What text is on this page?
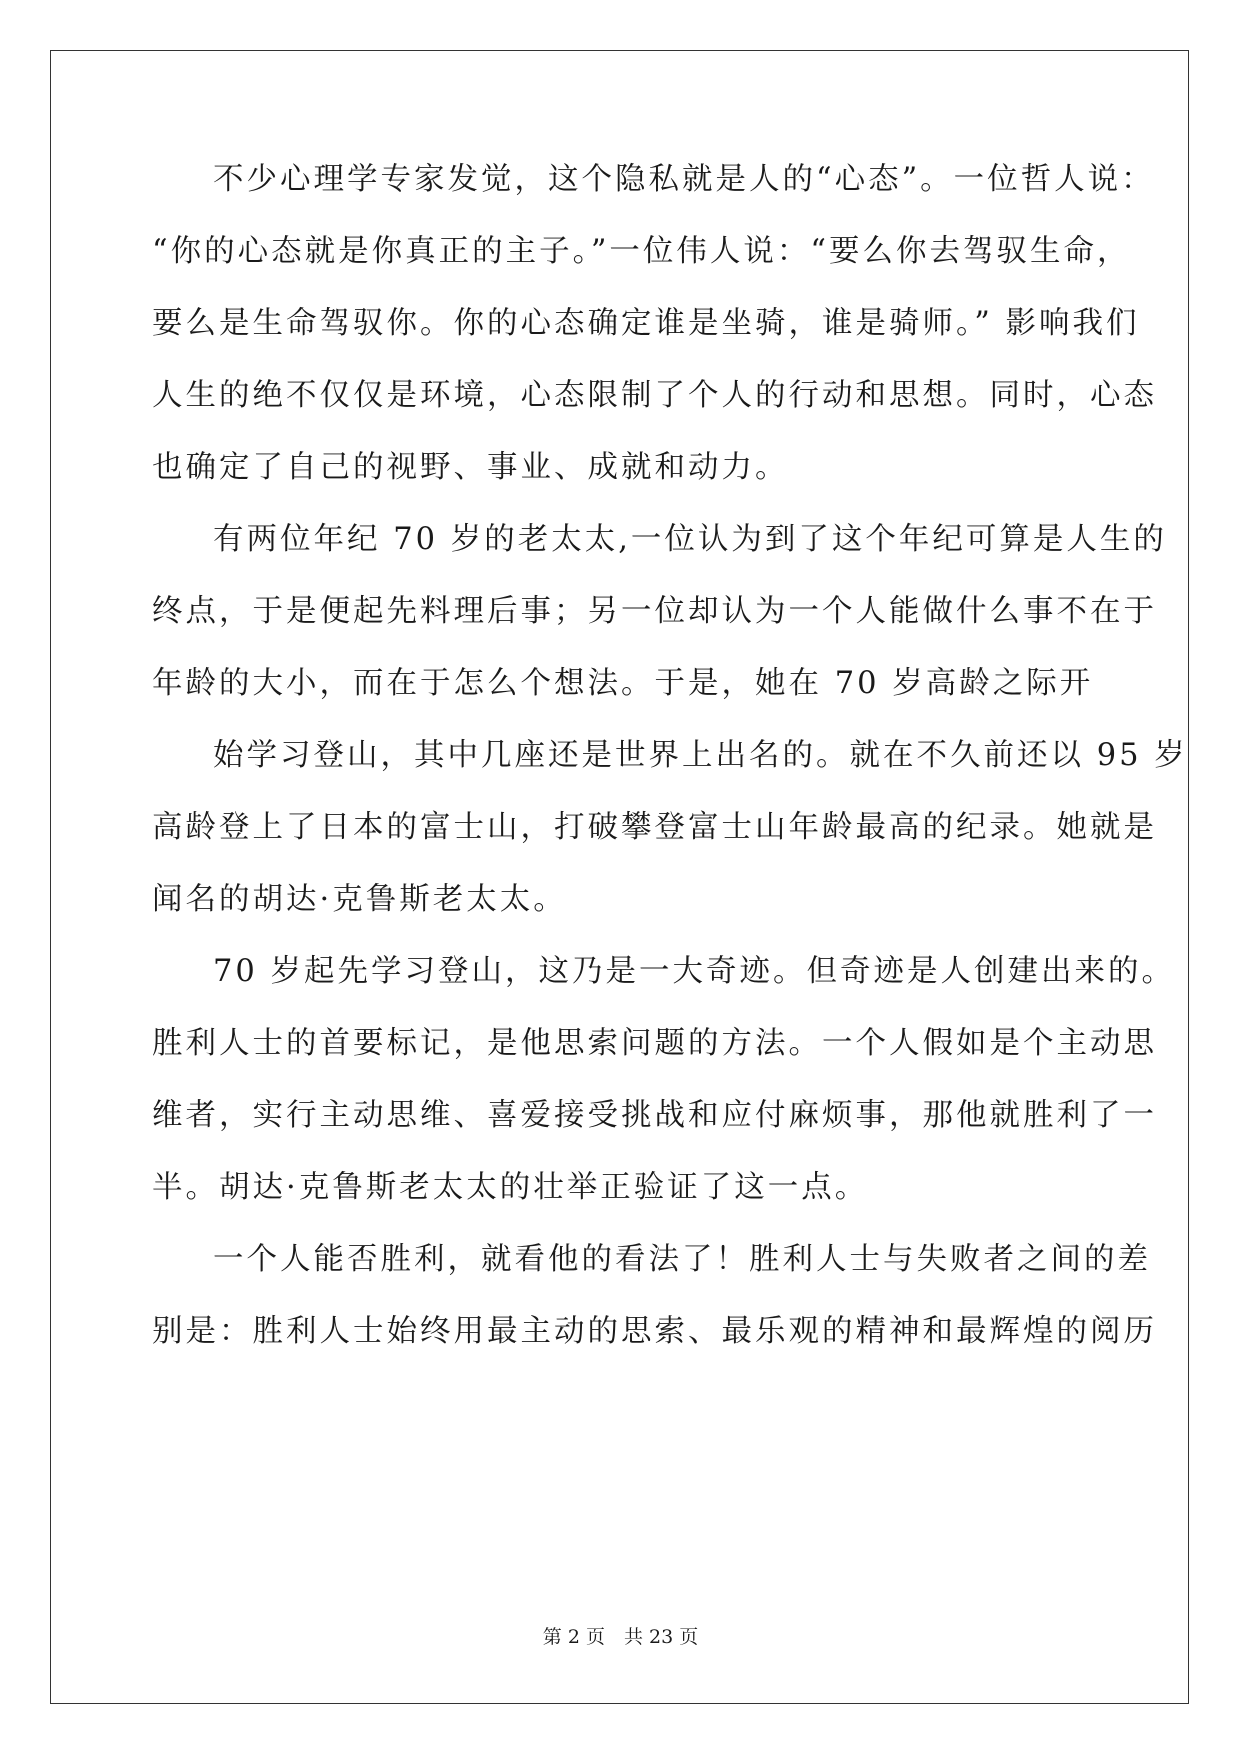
不少心理学专家发觉，这个隐私就是人的“心态”。一位哲人说：
“你的心态就是你真正的主子。”一位伟人说：“要么你去驾驭生命，
要么是生命驾驭你。你的心态确定谁是坐骑，谁是骑师。” 影响我们
人生的绝不仅仅是环境，心态限制了个人的行动和思想。同时，心态
也确定了自己的视野、事业、成就和动力。
有两位年纪 70 岁的老太太,一位认为到了这个年纪可算是人生的
终点，于是便起先料理后事；另一位却认为一个人能做什么事不在于
年龄的大小，而在于怎么个想法。于是，她在 70 岁高龄之际开
始学习登山，其中几座还是世界上出名的。就在不久前还以 95 岁
高龄登上了日本的富士山，打破攀登富士山年龄最高的纪录。她就是
闻名的胡达·克鲁斯老太太。
70 岁起先学习登山，这乃是一大奇迹。但奇迹是人创建出来的。
胜利人士的首要标记，是他思索问题的方法。一个人假如是个主动思
维者，实行主动思维、喜爱接受挑战和应付麻烦事，那他就胜利了一
半。胡达·克鲁斯老太太的壮举正验证了这一点。
一个人能否胜利，就看他的看法了！胜利人士与失败者之间的差
别是：胜利人士始终用最主动的思索、最乐观的精神和最辉煌的阅历
第 2 页　共 23 页
